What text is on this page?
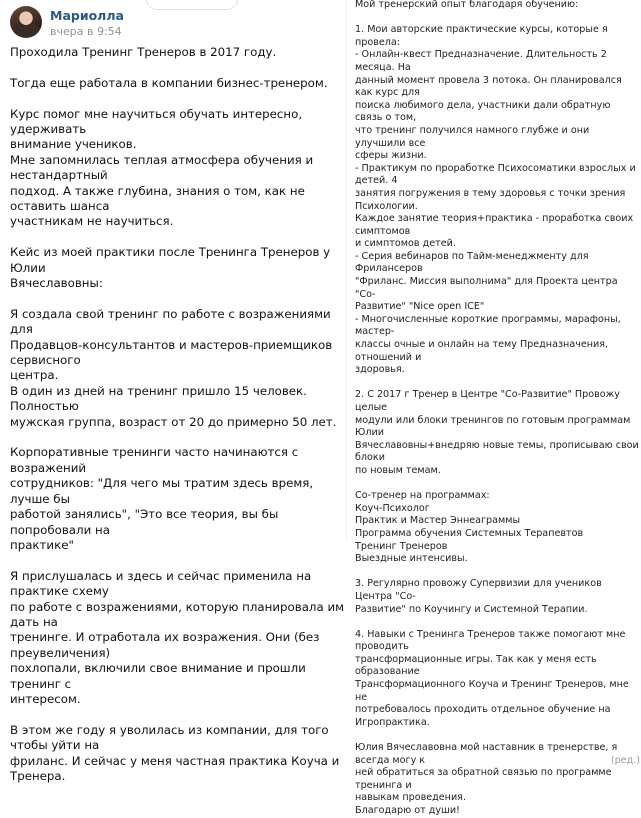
Мариолла
вчера в 9:54

Проходила Тренинг Тренеров в 2017 году.

Тогда еще работала в компании бизнес-тренером.

Курс помог мне научиться обучать интересно, удерживать

внимание учеников.

Мне запомнилась теплая атмосфера обучения и нестандартный

подход. А также глубина, знания о том, как не оставить шанса

участникам не научиться.

Кейс из моей практики после Тренинга Тренеров у Юлии

Вячеславовны:

Я создала свой тренинг по работе с возражениями для

Продавцов-консультантов и мастеров-приемщиков сервисного

центра.

В один из дней на тренинг пришло 15 человек. Полностью

мужская группа, возраст от 20 до примерно 50 лет.

Корпоративные тренинги часто начинаются с возражений

сотрудников: "Для чего мы тратим здесь время, лучше бы

работой занялись", "Это все теория, вы бы попробовали на

практике"

Я прислушалась и здесь и сейчас применила на практике схему

по работе с возражениями, которую планировала им дать на

тренинге. И отработала их возражения. Они (без преувеличения)

похлопали, включили свое внимание и прошли тренинг с

интересом.

В этом же году я уволилась из компании, для того чтобы уйти на

фриланс. И сейчас у меня частная практика Коуча и Тренера.

Мой тренерский опыт благодаря обучению:

1. Мои авторские практические курсы, которые я провела:

- Онлайн-квест Предназначение. Длительность 2 месяца. На

данный момент провела 3 потока. Он планировался как курс для

поиска любимого дела, участники дали обратную связь о том,

что тренинг получился намного глубже и они улучшили все

сферы жизни.

- Практикум по проработке Психосоматики взрослых и детей. 4

занятия погружения в тему здоровья с точки зрения Психологии.

Каждое занятие теория+практика - проработка своих симптомов

и симптомов детей.

- Серия вебинаров по Тайм-менеджменту для Фрилансеров

"Фриланс. Миссия выполнима" для Проекта центра "Со-

Развитие" "Nice open ICE"

- Многочисленные короткие программы, марафоны, мастер-

классы очные и онлайн на тему Предназначения, отношений и

здоровья.

2. С 2017 г Тренер в Центре "Со-Развитие" Провожу целые

модули или блоки тренингов по готовым программам Юлии

Вячеславовны+внедряю новые темы, прописываю свои блоки

по новым темам.

Со-тренер на программах:

Коуч-Психолог

Практик и Мастер Эннеаграммы

Программа обучения Системных Терапевтов

Тренинг Тренеров

Выездные интенсивы.

3. Регулярно провожу Супервизии для учеников Центра "Со-

Развитие" по Коучингу и Системной Терапии.

4. Навыки с Тренинга Тренеров также помогают мне проводить

трансформационные игры. Так как у меня есть образование

Трансформационного Коуча и Тренинг Тренеров, мне не

потребовалось проходить отдельное обучение на Игропрактика.

Юлия Вячеславовна мой наставник в тренерстве, я всегда могу к	(ред.)

ней обратиться за обратной связью по программе тренинга и

навыкам проведения.

Благодарю от души!
